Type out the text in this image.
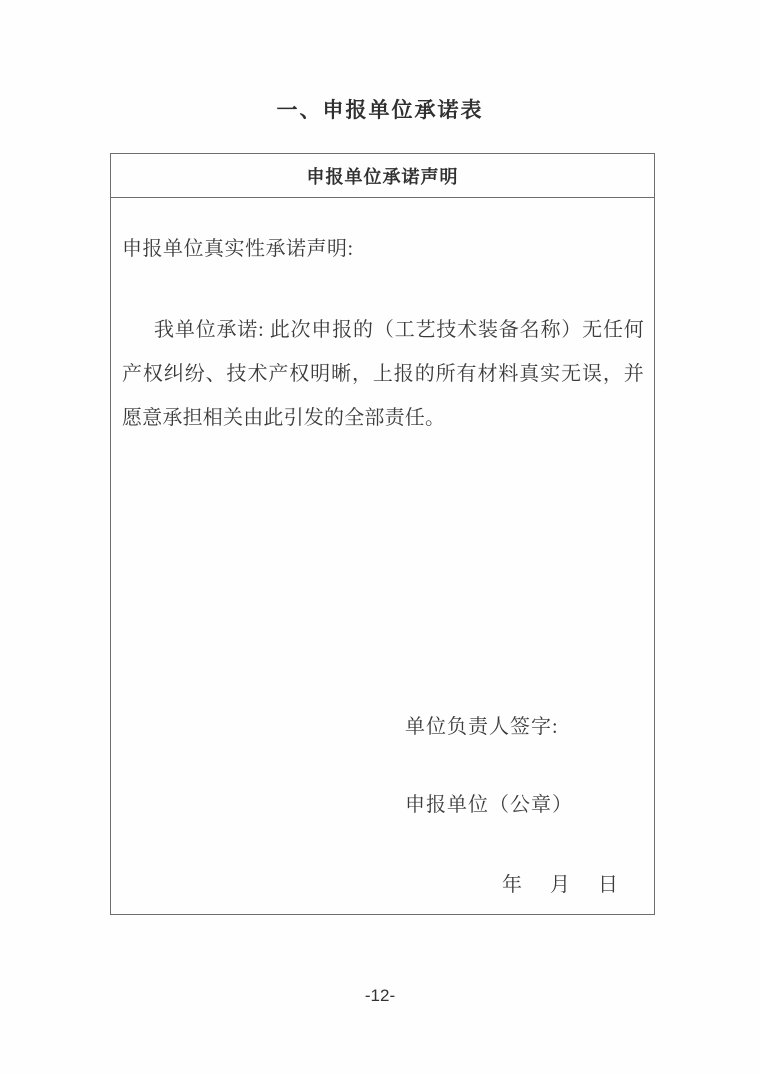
一、申报单位承诺表
申报单位承诺声明
申报单位真实性承诺声明:
我单位承诺: 此次申报的（工艺技术装备名称）无任何产权纠纷、技术产权明晰，上报的所有材料真实无误，并愿意承担相关由此引发的全部责任。
单位负责人签字:
申报单位（公章）
年 月 日
-12-
